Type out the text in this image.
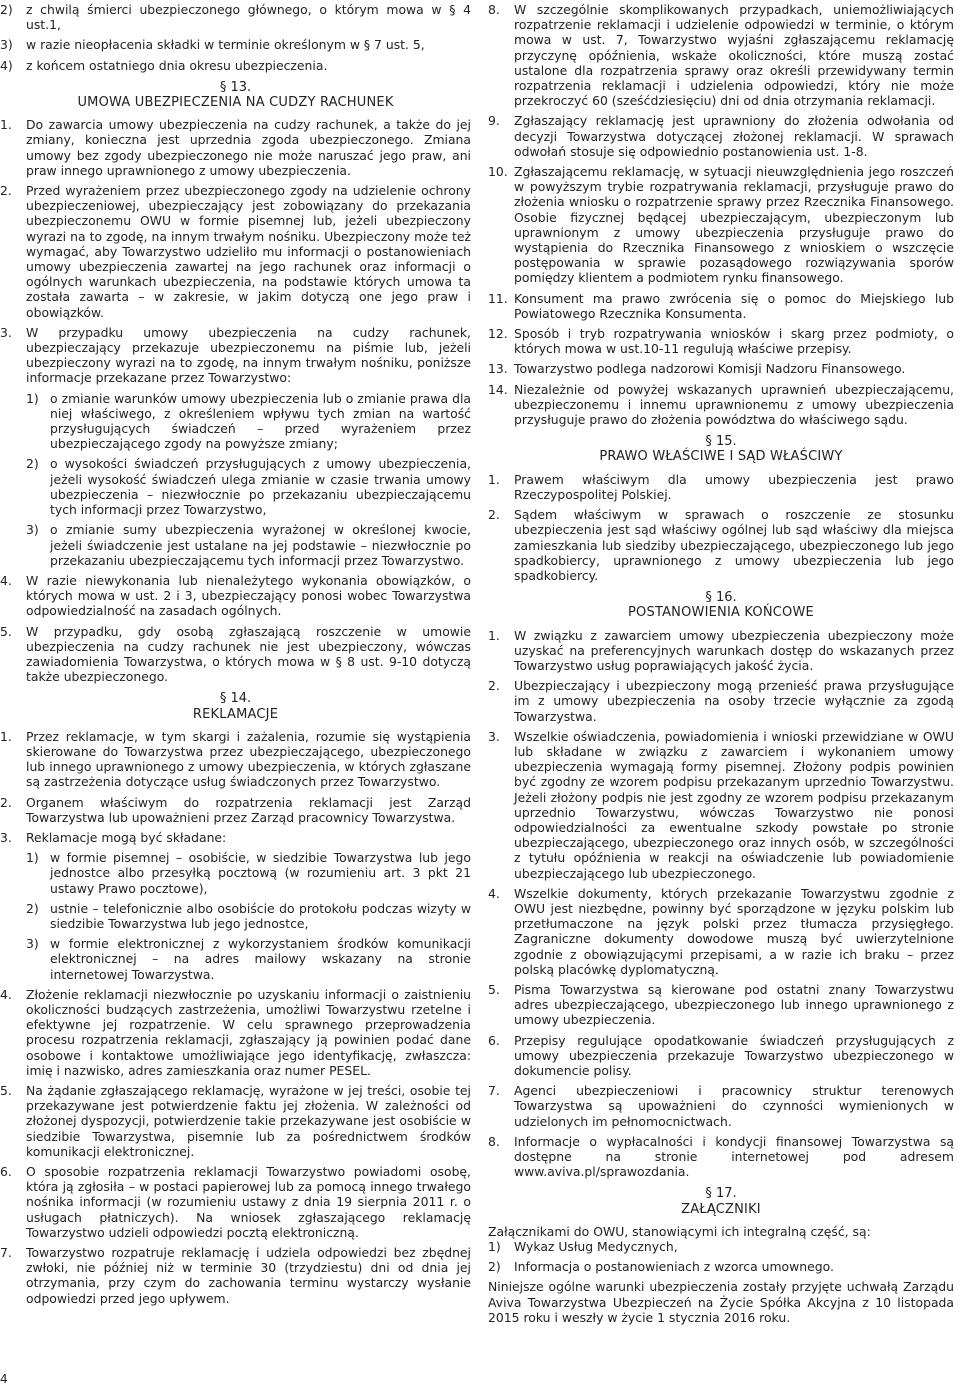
2)	z chwilą śmierci ubezpieczonego głównego, o którym mowa w § 4 ust.1,
3)	w razie nieopłacenia składki w terminie określonym w § 7 ust. 5,
4)	z końcem ostatniego dnia okresu ubezpieczenia.
§ 13.
UMOWA UBEZPIECZENIA NA CUDZY RACHUNEK
1.	Do zawarcia umowy ubezpieczenia na cudzy rachunek, a także do jej zmiany, konieczna jest uprzednia zgoda ubezpieczonego. Zmiana umowy bez zgody ubezpieczonego nie może naruszać jego praw, ani praw innego uprawnionego z umowy ubezpieczenia.
2.	Przed wyrażeniem przez ubezpieczonego zgody na udzielenie ochrony ubezpieczeniowej, ubezpieczający jest zobowiązany do przekazania ubezpieczonemu OWU w formie pisemnej lub, jeżeli ubezpieczony wyrazi na to zgodę, na innym trwałym nośniku. Ubezpieczony może też wymagać, aby Towarzystwo udzieliło mu informacji o postanowieniach umowy ubezpieczenia zawartej na jego rachunek oraz informacji o ogólnych warunkach ubezpieczenia, na podstawie których umowa ta została zawarta – w zakresie, w jakim dotyczą one jego praw i obowiązków.
3.	W przypadku umowy ubezpieczenia na cudzy rachunek, ubezpieczający przekazuje ubezpieczonemu na piśmie lub, jeżeli ubezpieczony wyrazi na to zgodę, na innym trwałym nośniku, poniższe informacje przekazane przez Towarzystwo:
1) o zmianie warunków umowy ubezpieczenia lub o zmianie prawa dla niej właściwego, z określeniem wpływu tych zmian na wartość przysługujących świadczeń – przed wyrażeniem przez ubezpieczającego zgody na powyższe zmiany;
2) o wysokości świadczeń przysługujących z umowy ubezpieczenia, jeżeli wysokość świadczeń ulega zmianie w czasie trwania umowy ubezpieczenia – niezwłocznie po przekazaniu ubezpieczającemu tych informacji przez Towarzystwo,
3) o zmianie sumy ubezpieczenia wyrażonej w określonej kwocie, jeżeli świadczenie jest ustalane na jej podstawie – niezwłocznie po przekazaniu ubezpieczającemu tych informacji przez Towarzystwo.
4.	W razie niewykonania lub nienależytego wykonania obowiązków, o których mowa w ust. 2 i 3, ubezpieczający ponosi wobec Towarzystwa odpowiedzialność na zasadach ogólnych.
5.	W przypadku, gdy osobą zgłaszającą roszczenie w umowie ubezpieczenia na cudzy rachunek nie jest ubezpieczony, wówczas zawiadomienia Towarzystwa, o których mowa w § 8 ust. 9-10 dotyczą także ubezpieczonego.
§ 14.
REKLAMACJE
1.	Przez reklamacje, w tym skargi i zażalenia, rozumie się wystąpienia skierowane do Towarzystwa przez ubezpieczającego, ubezpieczonego lub innego uprawnionego z umowy ubezpieczenia, w których zgłaszane są zastrzeżenia dotyczące usług świadczonych przez Towarzystwo.
2.	Organem właściwym do rozpatrzenia reklamacji jest Zarząd Towarzystwa lub upoważnieni przez Zarząd pracownicy Towarzystwa.
3.	Reklamacje mogą być składane:
1) w formie pisemnej – osobiście, w siedzibie Towarzystwa lub jego jednostce albo przesyłką pocztową (w rozumieniu art. 3 pkt 21 ustawy Prawo pocztowe),
2) ustnie – telefonicznie albo osobiście do protokołu podczas wizyty w siedzibie Towarzystwa lub jego jednostce,
3) w formie elektronicznej z wykorzystaniem środków komunikacji elektronicznej – na adres mailowy wskazany na stronie internetowej Towarzystwa.
4.	Złożenie reklamacji niezwłocznie po uzyskaniu informacji o zaistnieniu okoliczności budzących zastrzeżenia, umożliwi Towarzystwu rzetelne i efektywne jej rozpatrzenie. W celu sprawnego przeprowadzenia procesu rozpatrzenia reklamacji, zgłaszający ją powinien podać dane osobowe i kontaktowe umożliwiające jego identyfikację, zwłaszcza: imię i nazwisko, adres zamieszkania oraz numer PESEL.
5.	Na żądanie zgłaszającego reklamację, wyrażone w jej treści, osobie tej przekazywane jest potwierdzenie faktu jej złożenia. W zależności od złożonej dyspozycji, potwierdzenie takie przekazywane jest osobiście w siedzibie Towarzystwa, pisemnie lub za pośrednictwem środków komunikacji elektronicznej.
6.	O sposobie rozpatrzenia reklamacji Towarzystwo powiadomi osobę, która ją zgłosiła – w postaci papierowej lub za pomocą innego trwałego nośnika informacji (w rozumieniu ustawy z dnia 19 sierpnia 2011 r. o usługach płatniczych). Na wniosek zgłaszającego reklamację Towarzystwo udzieli odpowiedzi pocztą elektroniczną.
7.	Towarzystwo rozpatruje reklamację i udziela odpowiedzi bez zbędnej zwłoki, nie później niż w terminie 30 (trzydziestu) dni od dnia jej otrzymania, przy czym do zachowania terminu wystarczy wysłanie odpowiedzi przed jego upływem.
4
8.	W szczególnie skomplikowanych przypadkach, uniemożliwiających rozpatrzenie reklamacji i udzielenie odpowiedzi w terminie, o którym mowa w ust. 7, Towarzystwo wyjaśni zgłaszającemu reklamację przyczynę opóźnienia, wskaże okoliczności, które muszą zostać ustalone dla rozpatrzenia sprawy oraz określi przewidywany termin rozpatrzenia reklamacji i udzielenia odpowiedzi, który nie może przekroczyć 60 (sześćdziesięciu) dni od dnia otrzymania reklamacji.
9.	Zgłaszający reklamację jest uprawniony do złożenia odwołania od decyzji Towarzystwa dotyczącej złożonej reklamacji. W sprawach odwołań stosuje się odpowiednio postanowienia ust. 1-8.
10. Zgłaszającemu reklamację, w sytuacji nieuwzględnienia jego roszczeń w powyższym trybie rozpatrywania reklamacji, przysługuje prawo do złożenia wniosku o rozpatrzenie sprawy przez Rzecznika Finansowego. Osobie fizycznej będącej ubezpieczającym, ubezpieczonym lub uprawnionym z umowy ubezpieczenia przysługuje prawo do wystąpienia do Rzecznika Finansowego z wnioskiem o wszczęcie postępowania w sprawie pozasądowego rozwiązywania sporów pomiędzy klientem a podmiotem rynku finansowego.
11. Konsument ma prawo zwrócenia się o pomoc do Miejskiego lub Powiatowego Rzecznika Konsumenta.
12. Sposób i tryb rozpatrywania wniosków i skarg przez podmioty, o których mowa w ust.10-11 regulują właściwe przepisy.
13. Towarzystwo podlega nadzorowi Komisji Nadzoru Finansowego.
14. Niezależnie od powyżej wskazanych uprawnień ubezpieczającemu, ubezpieczonemu i innemu uprawnionemu z umowy ubezpieczenia przysługuje prawo do złożenia powództwa do właściwego sądu.
§ 15.
PRAWO WŁAŚCIWE I SĄD WŁAŚCIWY
1.	Prawem właściwym dla umowy ubezpieczenia jest prawo Rzeczypospolitej Polskiej.
2.	Sądem właściwym w sprawach o roszczenie ze stosunku ubezpieczenia jest sąd właściwy ogólnej lub sąd właściwy dla miejsca zamieszkania lub siedziby ubezpieczającego, ubezpieczonego lub jego spadkobiercy, uprawnionego z umowy ubezpieczenia lub jego spadkobiercy.
§ 16.
POSTANOWIENIA KOŃCOWE
1.	W związku z zawarciem umowy ubezpieczenia ubezpieczony może uzyskać na preferencyjnych warunkach dostęp do wskazanych przez Towarzystwo usług poprawiających jakość życia.
2.	Ubezpieczający i ubezpieczony mogą przenieść prawa przysługujące im z umowy ubezpieczenia na osoby trzecie wyłącznie za zgodą Towarzystwa.
3.	Wszelkie oświadczenia, powiadomienia i wnioski przewidziane w OWU lub składane w związku z zawarciem i wykonaniem umowy ubezpieczenia wymagają formy pisemnej. Złożony podpis powinien być zgodny ze wzorem podpisu przekazanym uprzednio Towarzystwu. Jeżeli złożony podpis nie jest zgodny ze wzorem podpisu przekazanym uprzednio Towarzystwu, wówczas Towarzystwo nie ponosi odpowiedzialności za ewentualne szkody powstałe po stronie ubezpieczającego, ubezpieczonego oraz innych osób, w szczególności z tytułu opóźnienia w reakcji na oświadczenie lub powiadomienie ubezpieczającego lub ubezpieczonego.
4.	Wszelkie dokumenty, których przekazanie Towarzystwu zgodnie z OWU jest niezbędne, powinny być sporządzone w języku polskim lub przetłumaczone na język polski przez tłumacza przysięgłego. Zagraniczne dokumenty dowodowe muszą być uwierzytelnione zgodnie z obowiązującymi przepisami, a w razie ich braku – przez polską placówkę dyplomatyczną.
5.	Pisma Towarzystwa są kierowane pod ostatni znany Towarzystwu adres ubezpieczającego, ubezpieczonego lub innego uprawnionego z umowy ubezpieczenia.
6.	Przepisy regulujące opodatkowanie świadczeń przysługujących z umowy ubezpieczenia przekazuje Towarzystwo ubezpieczonego w dokumencie polisy.
7.	Agenci ubezpieczeniowi i pracownicy struktur terenowych Towarzystwa są upoważnieni do czynności wymienionych w udzielonych im pełnomocnictwach.
8.	Informacje o wypłacalności i kondycji finansowej Towarzystwa są dostępne na stronie internetowej pod adresem www.aviva.pl/sprawozdania.
§ 17.
ZAŁĄCZNIKI

Załącznikami do OWU, stanowiącymi ich integralną część, są:

1)	Wykaz Usług Medycznych,
2)	Informacja o postanowieniach z wzorca umownego.

Niniejsze ogólne warunki ubezpieczenia zostały przyjęte uchwałą Zarządu Aviva Towarzystwa Ubezpieczeń na Życie Spółka Akcyjna z 10 listopada 2015 roku i weszły w życie 1 stycznia 2016 roku.
